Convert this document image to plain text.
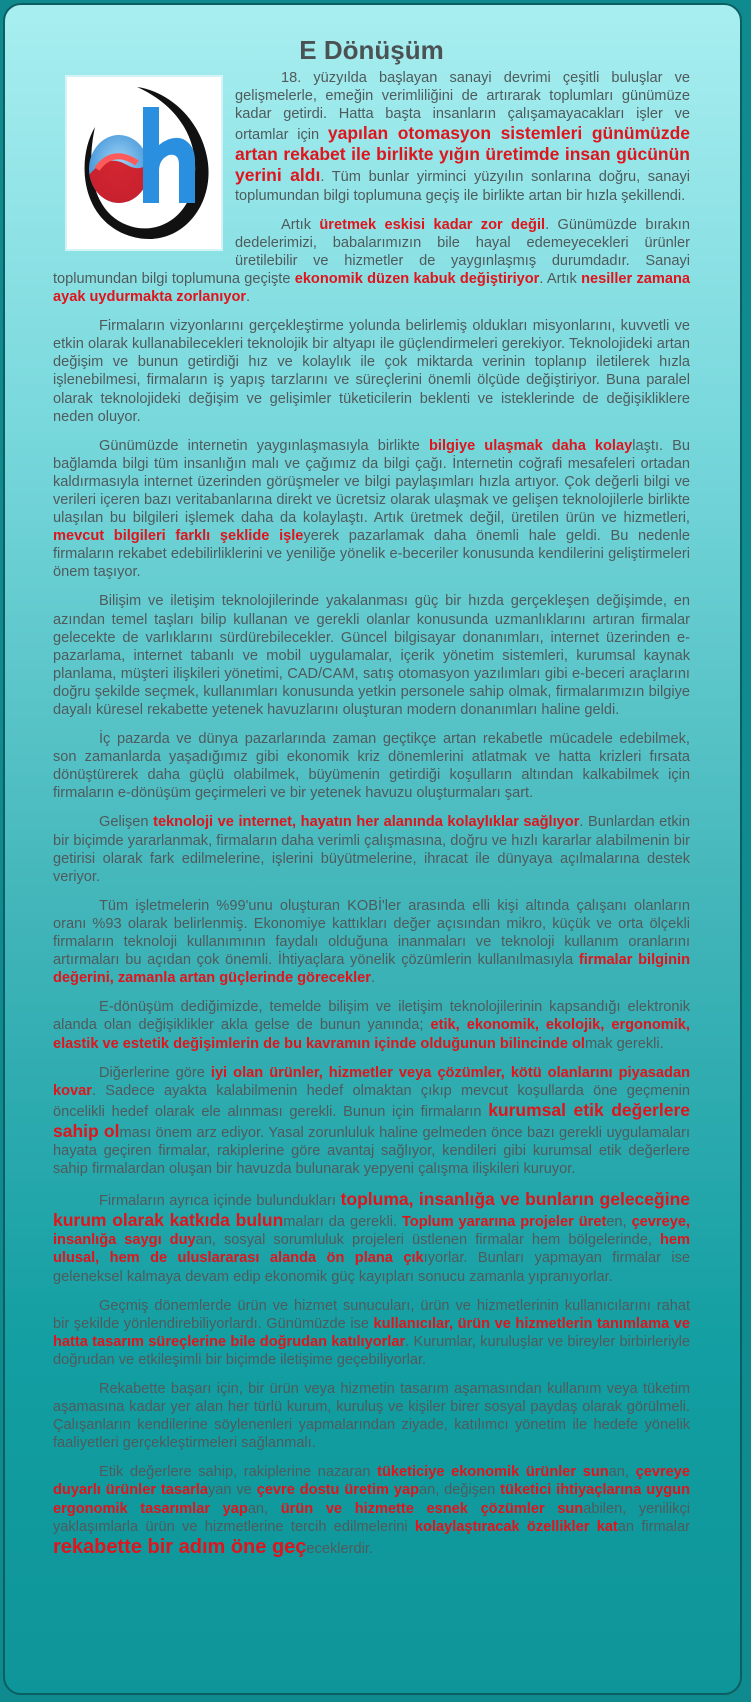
E Dönüşüm

18. yüzyılda başlayan sanayi devrimi çeşitli buluşlar ve gelişmelerle, emeğin verimliliğini de artırarak toplumları günümüze kadar getirdi. Hatta başta insanların çalışamayacakları işler ve ortamlar için yapılan otomasyon sistemleri günümüzde artan rekabet ile birlikte yığın üretimde insan gücünün yerini aldı. Tüm bunlar yirminci yüzyılın sonlarına doğru, sanayi toplumundan bilgi toplumuna geçiş ile birlikte artan bir hızla şekillendi.

Artık üretmek eskisi kadar zor değil. Günümüzde bırakın dedelerimizi, babalarımızın bile hayal edemeyecekleri ürünler üretilebilir ve hizmetler de yaygınlaşmış durumdadır. Sanayi toplumundan bilgi toplumuna geçişte ekonomik düzen kabuk değiştiriyor. Artık nesiller zamana ayak uydurmakta zorlanıyor.

Firmaların vizyonlarını gerçekleştirme yolunda belirlemiş oldukları misyonlarını, kuvvetli ve etkin olarak kullanabilecekleri teknolojik bir altyapı ile güçlendirmeleri gerekiyor. Teknolojideki artan değişim ve bunun getirdiği hız ve kolaylık ile çok miktarda verinin toplanıp iletilerek hızla işlenebilmesi, firmaların iş yapış tarzlarını ve süreçlerini önemli ölçüde değiştiriyor. Buna paralel olarak teknolojideki değişim ve gelişimler tüketicilerin beklenti ve isteklerinde de değişikliklere neden oluyor.

Günümüzde internetin yaygınlaşmasıyla birlikte bilgiye ulaşmak daha kolaylaştı. Bu bağlamda bilgi tüm insanlığın malı ve çağımız da bilgi çağı. İnternetin coğrafi mesafeleri ortadan kaldırmasıyla internet üzerinden görüşmeler ve bilgi paylaşımları hızla artıyor. Çok değerli bilgi ve verileri içeren bazı veritabanlarına direkt ve ücretsiz olarak ulaşmak ve gelişen teknolojilerle birlikte ulaşılan bu bilgileri işlemek daha da kolaylaştı. Artık üretmek değil, üretilen ürün ve hizmetleri, mevcut bilgileri farklı şeklide işleyerek pazarlamak daha önemli hale geldi. Bu nedenle firmaların rekabet edebilirliklerini ve yeniliğe yönelik e-beceriler konusunda kendilerini geliştirmeleri önem taşıyor.

Bilişim ve iletişim teknolojilerinde yakalanması güç bir hızda gerçekleşen değişimde, en azından temel taşları bilip kullanan ve gerekli olanlar konusunda uzmanlıklarını artıran firmalar gelecekte de varlıklarını sürdürebilecekler. Güncel bilgisayar donanımları, internet üzerinden e-pazarlama, internet tabanlı ve mobil uygulamalar, içerik yönetim sistemleri, kurumsal kaynak planlama, müşteri ilişkileri yönetimi, CAD/CAM, satış otomasyon yazılımları gibi e-beceri araçlarını doğru şekilde seçmek, kullanımları konusunda yetkin personele sahip olmak, firmalarımızın bilgiye dayalı küresel rekabette yetenek havuzlarını oluşturan modern donanımları haline geldi.

İç pazarda ve dünya pazarlarında zaman geçtikçe artan rekabetle mücadele edebilmek, son zamanlarda yaşadığımız gibi ekonomik kriz dönemlerini atlatmak ve hatta krizleri fırsata dönüştürerek daha güçlü olabilmek, büyümenin getirdiği koşulların altından kalkabilmek için firmaların e-dönüşüm geçirmeleri ve bir yetenek havuzu oluşturmaları şart.

Gelişen teknoloji ve internet, hayatın her alanında kolaylıklar sağlıyor. Bunlardan etkin bir biçimde yararlanmak, firmaların daha verimli çalışmasına, doğru ve hızlı kararlar alabilmenin bir getirisi olarak fark edilmelerine, işlerini büyütmelerine, ihracat ile dünyaya açılmalarına destek veriyor.

Tüm işletmelerin %99'unu oluşturan KOBİ'ler arasında elli kişi altında çalışanı olanların oranı %93 olarak belirlenmiş. Ekonomiye kattıkları değer açısından mikro, küçük ve orta ölçekli firmaların teknoloji kullanımının faydalı olduğuna inanmaları ve teknoloji kullanım oranlarını artırmaları bu açıdan çok önemli. İhtiyaçlara yönelik çözümlerin kullanılmasıyla firmalar bilginin değerini, zamanla artan güçlerinde görecekler.

E-dönüşüm dediğimizde, temelde bilişim ve iletişim teknolojilerinin kapsandığı elektronik alanda olan değişiklikler akla gelse de bunun yanında; etik, ekonomik, ekolojik, ergonomik, elastik ve estetik değişimlerin de bu kavramın içinde olduğunun bilincinde olmak gerekli.

Diğerlerine göre iyi olan ürünler, hizmetler veya çözümler, kötü olanlarını piyasadan kovar. Sadece ayakta kalabilmenin hedef olmaktan çıkıp mevcut koşullarda öne geçmenin öncelikli hedef olarak ele alınması gerekli. Bunun için firmaların kurumsal etik değerlere sahip olması önem arz ediyor. Yasal zorunluluk haline gelmeden önce bazı gerekli uygulamaları hayata geçiren firmalar, rakiplerine göre avantaj sağlıyor, kendileri gibi kurumsal etik değerlere sahip firmalardan oluşan bir havuzda bulunarak yepyeni çalışma ilişkileri kuruyor.

Firmaların ayrıca içinde bulundukları topluma, insanlığa ve bunların geleceğine kurum olarak katkıda bulunmaları da gerekli. Toplum yararına projeler üreten, çevreye, insanlığa saygı duyan, sosyal sorumluluk projeleri üstlenen firmalar hem bölgelerinde, hem ulusal, hem de uluslararası alanda ön plana çıkıyorlar. Bunları yapmayan firmalar ise geleneksel kalmaya devam edip ekonomik güç kayıpları sonucu zamanla yıpranıyorlar.

Geçmiş dönemlerde ürün ve hizmet sunucuları, ürün ve hizmetlerinin kullanıcılarını rahat bir şekilde yönlendirebiliyorlardı. Günümüzde ise kullanıcılar, ürün ve hizmetlerin tanımlama ve hatta tasarım süreçlerine bile doğrudan katılıyorlar. Kurumlar, kuruluşlar ve bireyler birbirleriyle doğrudan ve etkileşimli bir biçimde iletişime geçebiliyorlar.

Rekabette başarı için, bir ürün veya hizmetin tasarım aşamasından kullanım veya tüketim aşamasına kadar yer alan her türlü kurum, kuruluş ve kişiler birer sosyal paydaş olarak görülmeli. Çalışanların kendilerine söylenenleri yapmalarından ziyade, katılımcı yönetim ile hedefe yönelik faaliyetleri gerçekleştirmeleri sağlanmalı.

Etik değerlere sahip, rakiplerine nazaran tüketiciye ekonomik ürünler sunan, çevreye duyarlı ürünler tasarlayan ve çevre dostu üretim yapan, değişen tüketici ihtiyaçlarına uygun ergonomik tasarımlar yapan, ürün ve hizmette esnek çözümler sunabilen, yenilikçi yaklaşımlarla ürün ve hizmetlerine tercih edilmelerini kolaylaştıracak özellikler katan firmalar rekabette bir adım öne geçeceklerdir.
